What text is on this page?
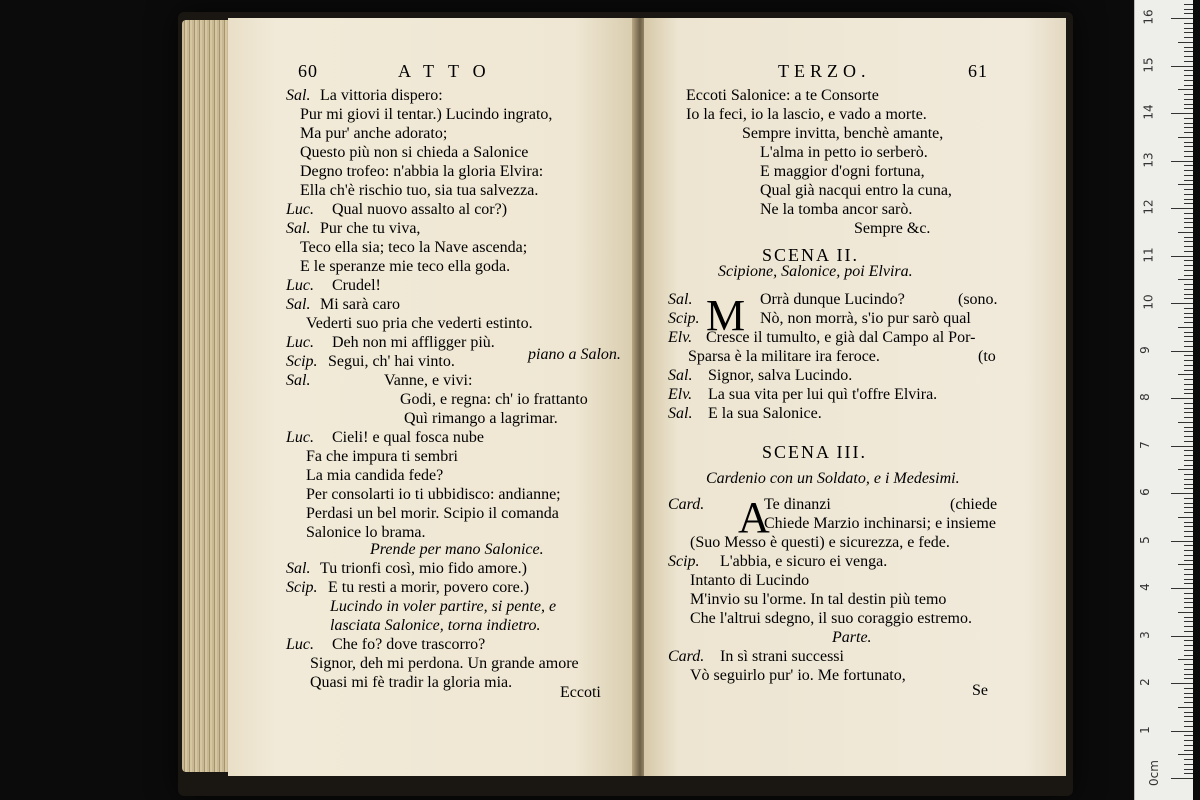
60	ATTO
Sal. La vittoria dispero:
Pur mi giovi il tentar.) Lucindo ingrato,
Ma pur' anche adorato;
Questo più non si chieda a Salonice
Degno trofeo: n'abbia la gloria Elvira:
Ella ch'è rischio tuo, sia tua salvezza.
Luc. Qual nuovo assalto al cor?)
Sal. Pur che tu viva,
Teco ella sia; teco la Nave ascenda;
E le speranze mie teco ella goda.
Luc. Crudel!
Sal. Mi sarà caro
Vederti suo pria che vederti estinto.
Luc. Deh non mi affligger più.
Scip. Segui, ch' hai vinto.
Sal.	Vanne, e vivi:
Godi, e regna: ch' io frattanto
Quì rimango a lagrimar.
Luc. Cieli! e qual fosca nube
Fa che impura ti sembri
La mia candida fede?
Per consolarti io ti ubbidisco: andianne;
Perdasi un bel morir. Scipio il comanda
Salonice lo brama.
Prende per mano Salonice.
Sal. Tu trionfi così, mio fido amore.)
Scip. E tu resti a morir, povero core.)
Lucindo in voler partire, si pente, e
lasciata Salonice, torna indietro.
Luc. Che fo? dove trascorro?
Signor, deh mi perdona. Un grande amore
Quasi mi fè tradir la gloria mia.
piano a Salon.
Eccoti
TERZO.	61
Eccoti Salonice: a te Consorte
Io la feci, io la lascio, e vado a morte.
Sempre invitta, benchè amante,
L'alma in petto io serberò.
E maggior d'ogni fortuna,
Qual già nacqui entro la cuna,
Ne la tomba ancor sarò.
Sempre &c.
SCENA II.
Scipione, Salonice, poi Elvira.
M
Sal.	Orrà dunque Lucindo?
Scip.	Nò, non morrà, s'io pur sarò qual
Elv. Cresce il tumulto, e già dal Campo al Por-
Sparsa è la militare ira feroce.
Sal. Signor, salva Lucindo.
Elv. La sua vita per lui quì t'offre Elvira.
Sal. E la sua Salonice.
(sono.
(to
SCENA III.
Cardenio con un Soldato, e i Medesimi.
A
Card.	Te dinanzi
Chiede Marzio inchinarsi; e insieme
(Suo Messo è questi) e sicurezza, e fede.
Scip. L'abbia, e sicuro ei venga.
Intanto di Lucindo
M'invio su l'orme. In tal destin più temo
Che l'altrui sdegno, il suo coraggio estremo.
Parte.
Card. In sì strani successi
Vò seguirlo pur' io. Me fortunato,
(chiede
Se
0cm
1
2
3
4
5
6
7
8
9
10
11
12
13
14
15
16
